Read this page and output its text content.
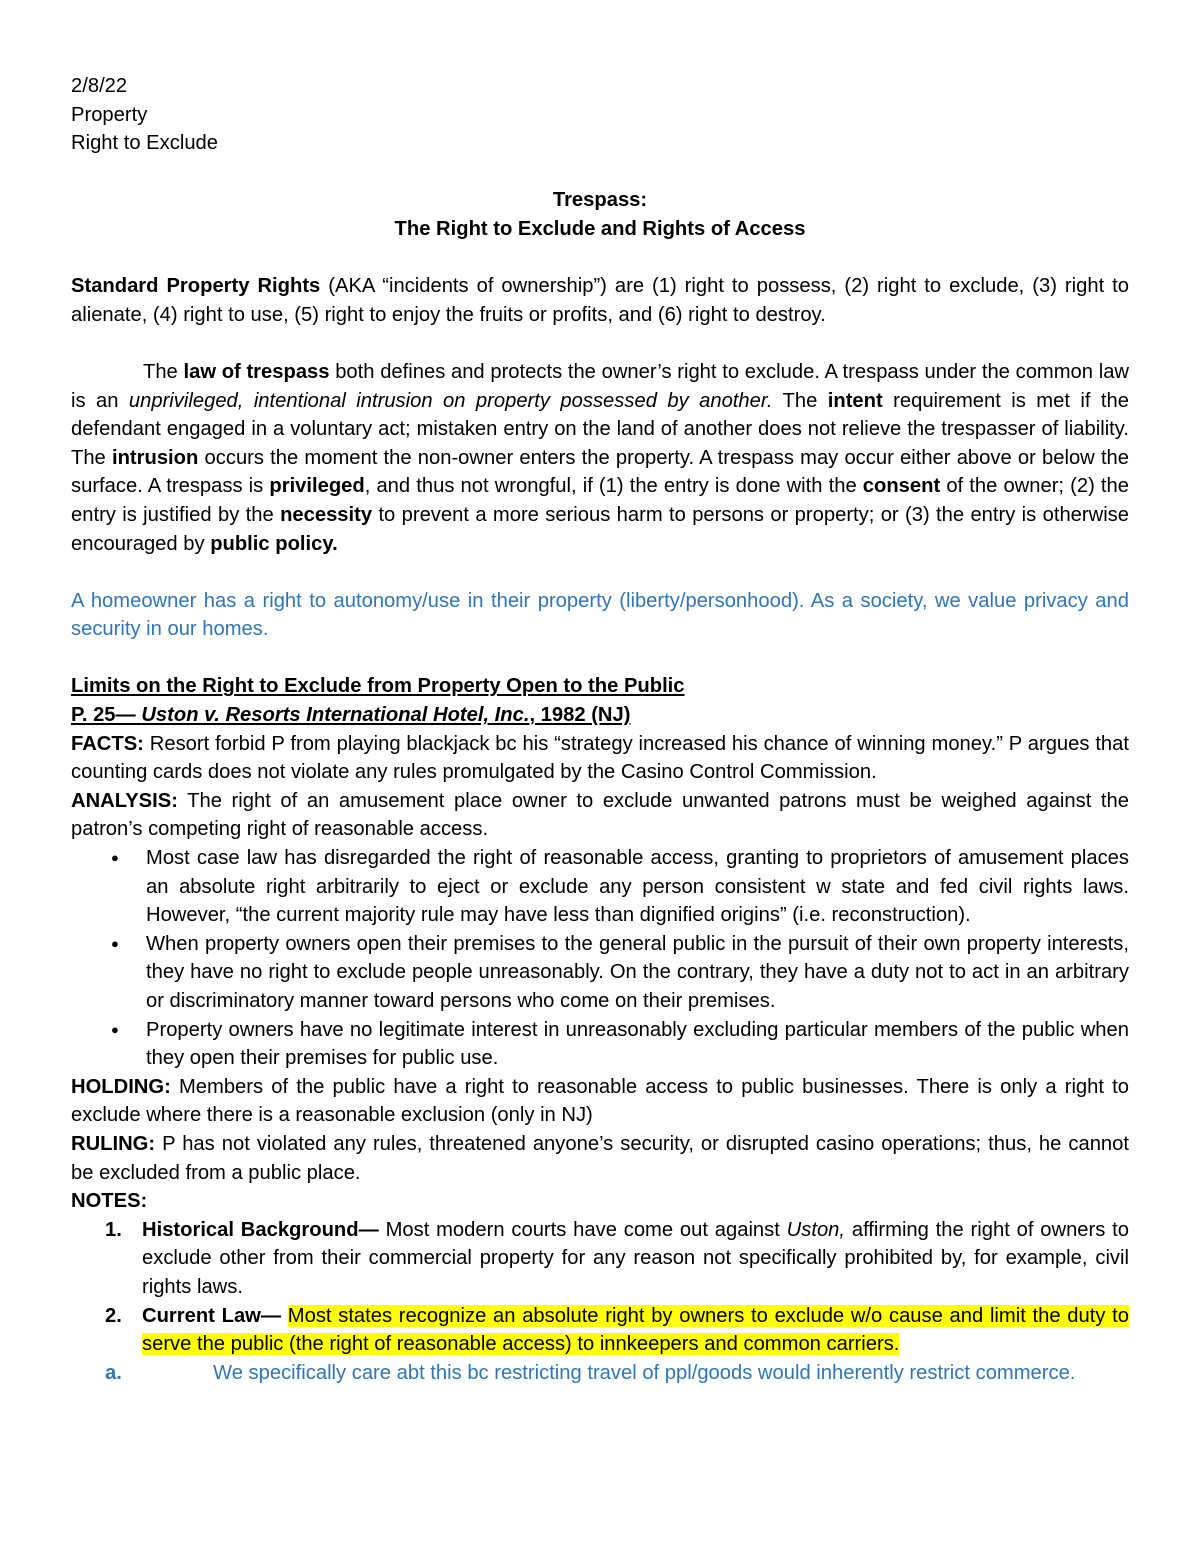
2/8/22

Property

Right to Exclude

Trespass:

The Right to Exclude and Rights of Access

Standard Property Rights (AKA “incidents of ownership”) are (1) right to possess, (2) right to exclude, (3) right to alienate, (4) right to use, (5) right to enjoy the fruits or profits, and (6) right to destroy.

The law of trespass both defines and protects the owner’s right to exclude. A trespass under the common law is an unprivileged, intentional intrusion on property possessed by another. The intent requirement is met if the defendant engaged in a voluntary act; mistaken entry on the land of another does not relieve the trespasser of liability. The intrusion occurs the moment the non-owner enters the property. A trespass may occur either above or below the surface. A trespass is privileged, and thus not wrongful, if (1) the entry is done with the consent of the owner; (2) the entry is justified by the necessity to prevent a more serious harm to persons or property; or (3) the entry is otherwise encouraged by public policy.

A homeowner has a right to autonomy/use in their property (liberty/personhood). As a society, we value privacy and security in our homes.

Limits on the Right to Exclude from Property Open to the Public

P. 25— Uston v. Resorts International Hotel, Inc., 1982 (NJ)

FACTS: Resort forbid P from playing blackjack bc his “strategy increased his chance of winning money.” P argues that counting cards does not violate any rules promulgated by the Casino Control Commission.

ANALYSIS: The right of an amusement place owner to exclude unwanted patrons must be weighed against the patron’s competing right of reasonable access.

● Most case law has disregarded the right of reasonable access, granting to proprietors of amusement places an absolute right arbitrarily to eject or exclude any person consistent w state and fed civil rights laws. However, “the current majority rule may have less than dignified origins” (i.e. reconstruction).
● When property owners open their premises to the general public in the pursuit of their own property interests, they have no right to exclude people unreasonably. On the contrary, they have a duty not to act in an arbitrary or discriminatory manner toward persons who come on their premises.
● Property owners have no legitimate interest in unreasonably excluding particular members of the public when they open their premises for public use.

HOLDING: Members of the public have a right to reasonable access to public businesses. There is only a right to exclude where there is a reasonable exclusion (only in NJ)

RULING: P has not violated any rules, threatened anyone’s security, or disrupted casino operations; thus, he cannot be excluded from a public place.

NOTES:

1. Historical Background— Most modern courts have come out against Uston, affirming the right of owners to exclude other from their commercial property for any reason not specifically prohibited by, for example, civil rights laws.
2. Current Law— Most states recognize an absolute right by owners to exclude w/o cause and limit the duty to serve the public (the right of reasonable access) to innkeepers and common carriers.
a.	We specifically care abt this bc restricting travel of ppl/goods would inherently restrict commerce.
